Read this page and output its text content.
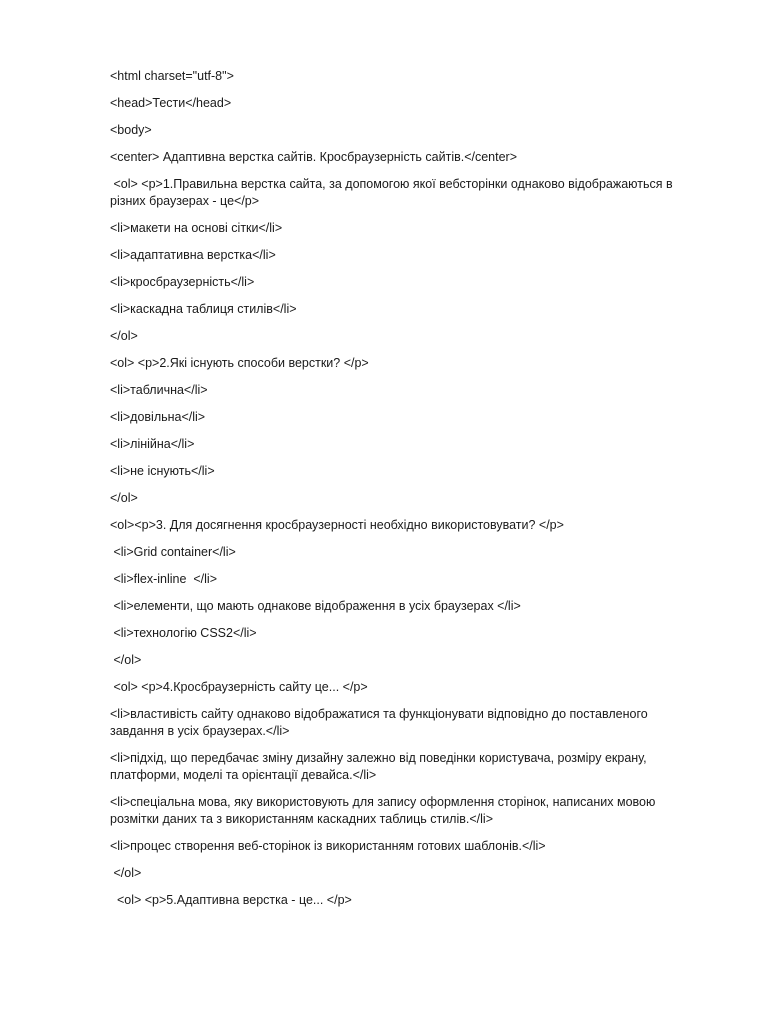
<html charset="utf-8">
<head>Тести</head>
<body>
<center> Адаптивна верстка сайтів. Кросбраузерність сайтів.</center>
<ol> <p>1.Правильна верстка сайта, за допомогою якої вебсторінки однаково відображаються в різних браузерах - це</p>
<li>макети на основі сітки</li>
<li>адаптативна верстка</li>
<li>кросбраузерність</li>
<li>каскадна таблиця стилів</li>
</ol>
<ol> <p>2.Які існують способи верстки? </p>
<li>таблична</li>
<li>довільна</li>
<li>лінійна</li>
<li>не існують</li>
</ol>
<ol><p>3. Для досягнення кросбраузерності необхідно використовувати? </p>
<li>Grid container</li>
<li>flex-inline  </li>
<li>елементи, що мають однакове відображення в усіх браузерах </li>
<li>технологію CSS2</li>
</ol>
<ol> <p>4.Кросбраузерність сайту це... </p>
<li>властивість сайту однаково відображатися та функціонувати відповідно до поставленого завдання в усіх браузерах.</li>
<li>підхід, що передбачає зміну дизайну залежно від поведінки користувача, розміру екрану, платформи, моделі та орієнтації девайса.</li>
<li>спеціальна мова, яку використовують для запису оформлення сторінок, написаних мовою розмітки даних та з використанням каскадних таблиць стилів.</li>
<li>процес створення веб-сторінок із використанням готових шаблонів.</li>
</ol>
<ol> <p>5.Адаптивна верстка - це... </p>
